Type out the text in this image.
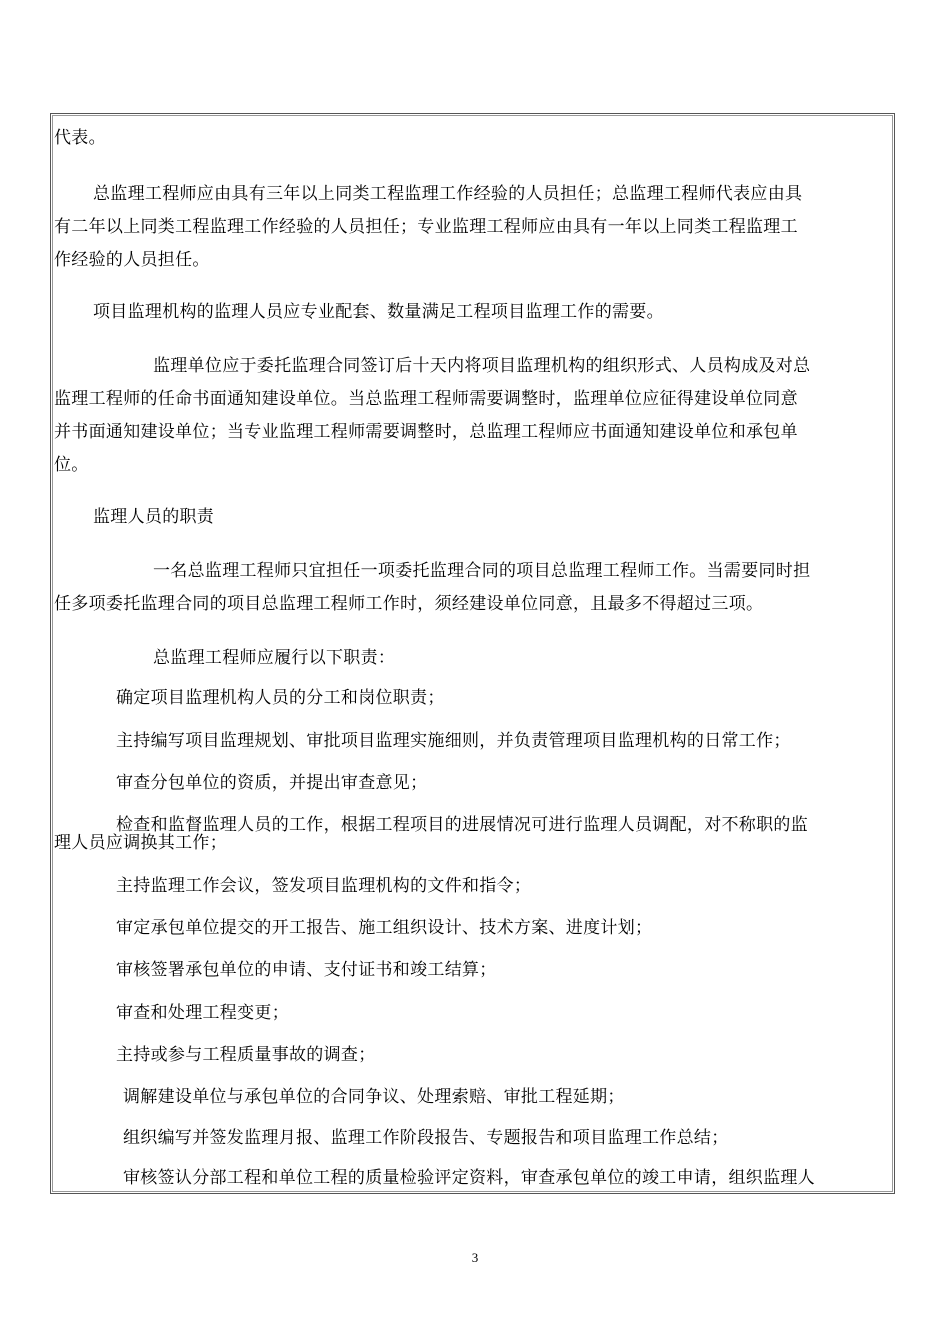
代表。
总监理工程师应由具有三年以上同类工程监理工作经验的人员担任；总监理工程师代表应由具
有二年以上同类工程监理工作经验的人员担任；专业监理工程师应由具有一年以上同类工程监理工
作经验的人员担任。
项目监理机构的监理人员应专业配套、数量满足工程项目监理工作的需要。
监理单位应于委托监理合同签订后十天内将项目监理机构的组织形式、人员构成及对总
监理工程师的任命书面通知建设单位。当总监理工程师需要调整时，监理单位应征得建设单位同意
并书面通知建设单位；当专业监理工程师需要调整时，总监理工程师应书面通知建设单位和承包单
位。
监理人员的职责
一名总监理工程师只宜担任一项委托监理合同的项目总监理工程师工作。当需要同时担
任多项委托监理合同的项目总监理工程师工作时，须经建设单位同意，且最多不得超过三项。
总监理工程师应履行以下职责：
确定项目监理机构人员的分工和岗位职责；
主持编写项目监理规划、审批项目监理实施细则，并负责管理项目监理机构的日常工作；
审查分包单位的资质，并提出审查意见；
检查和监督监理人员的工作，根据工程项目的进展情况可进行监理人员调配，对不称职的监
理人员应调换其工作；
主持监理工作会议，签发项目监理机构的文件和指令；
审定承包单位提交的开工报告、施工组织设计、技术方案、进度计划；
审核签署承包单位的申请、支付证书和竣工结算；
审查和处理工程变更；
主持或参与工程质量事故的调查；
调解建设单位与承包单位的合同争议、处理索赔、审批工程延期；
组织编写并签发监理月报、监理工作阶段报告、专题报告和项目监理工作总结；
审核签认分部工程和单位工程的质量检验评定资料，审查承包单位的竣工申请，组织监理人
3
